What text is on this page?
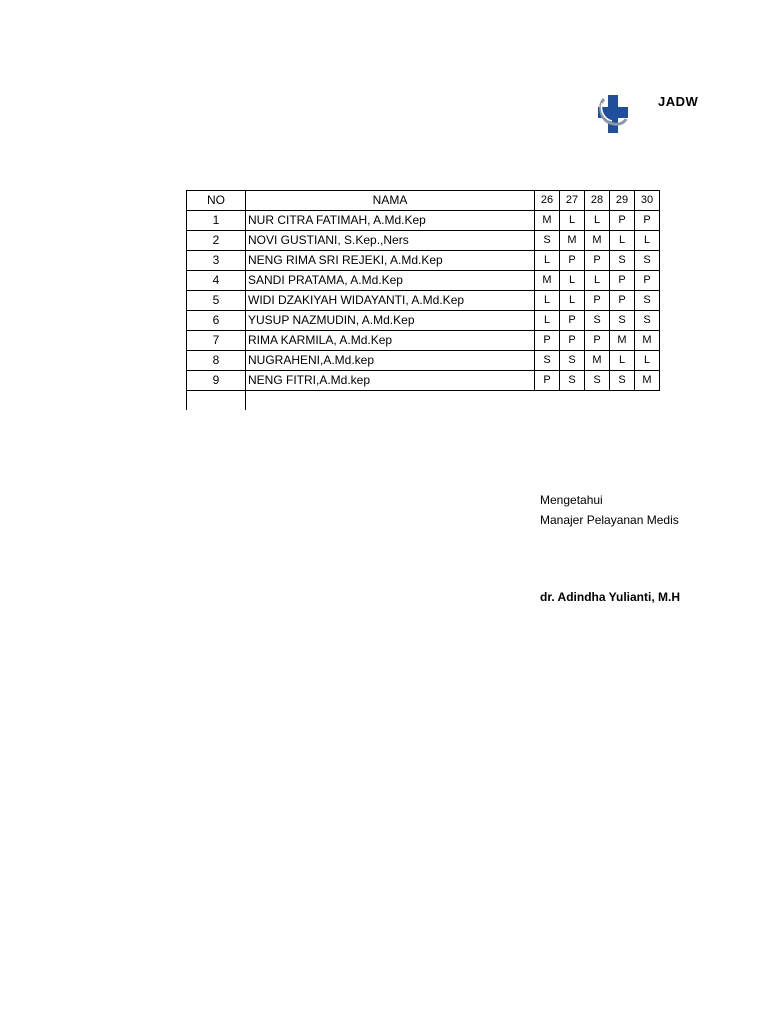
JADW
NO	NAMA	26	27	28	29	30
1	NUR CITRA FATIMAH, A.Md.Kep	M	L	L	P	P
2	NOVI GUSTIANI, S.Kep.,Ners	S	M	M	L	L
3	NENG RIMA SRI REJEKI, A.Md.Kep	L	P	P	S	S
4	SANDI PRATAMA, A.Md.Kep	M	L	L	P	P
5	WIDI DZAKIYAH WIDAYANTI, A.Md.Kep	L	L	P	P	S
6	YUSUP NAZMUDIN, A.Md.Kep	L	P	S	S	S
7	RIMA KARMILA, A.Md.Kep	P	P	P	M	M
8	NUGRAHENI,A.Md.kep	S	S	M	L	L
9	NENG FITRI,A.Md.kep	P	S	S	S	M

Mengetahui
Manajer Pelayanan Medis
dr. Adindha Yulianti, M.H
